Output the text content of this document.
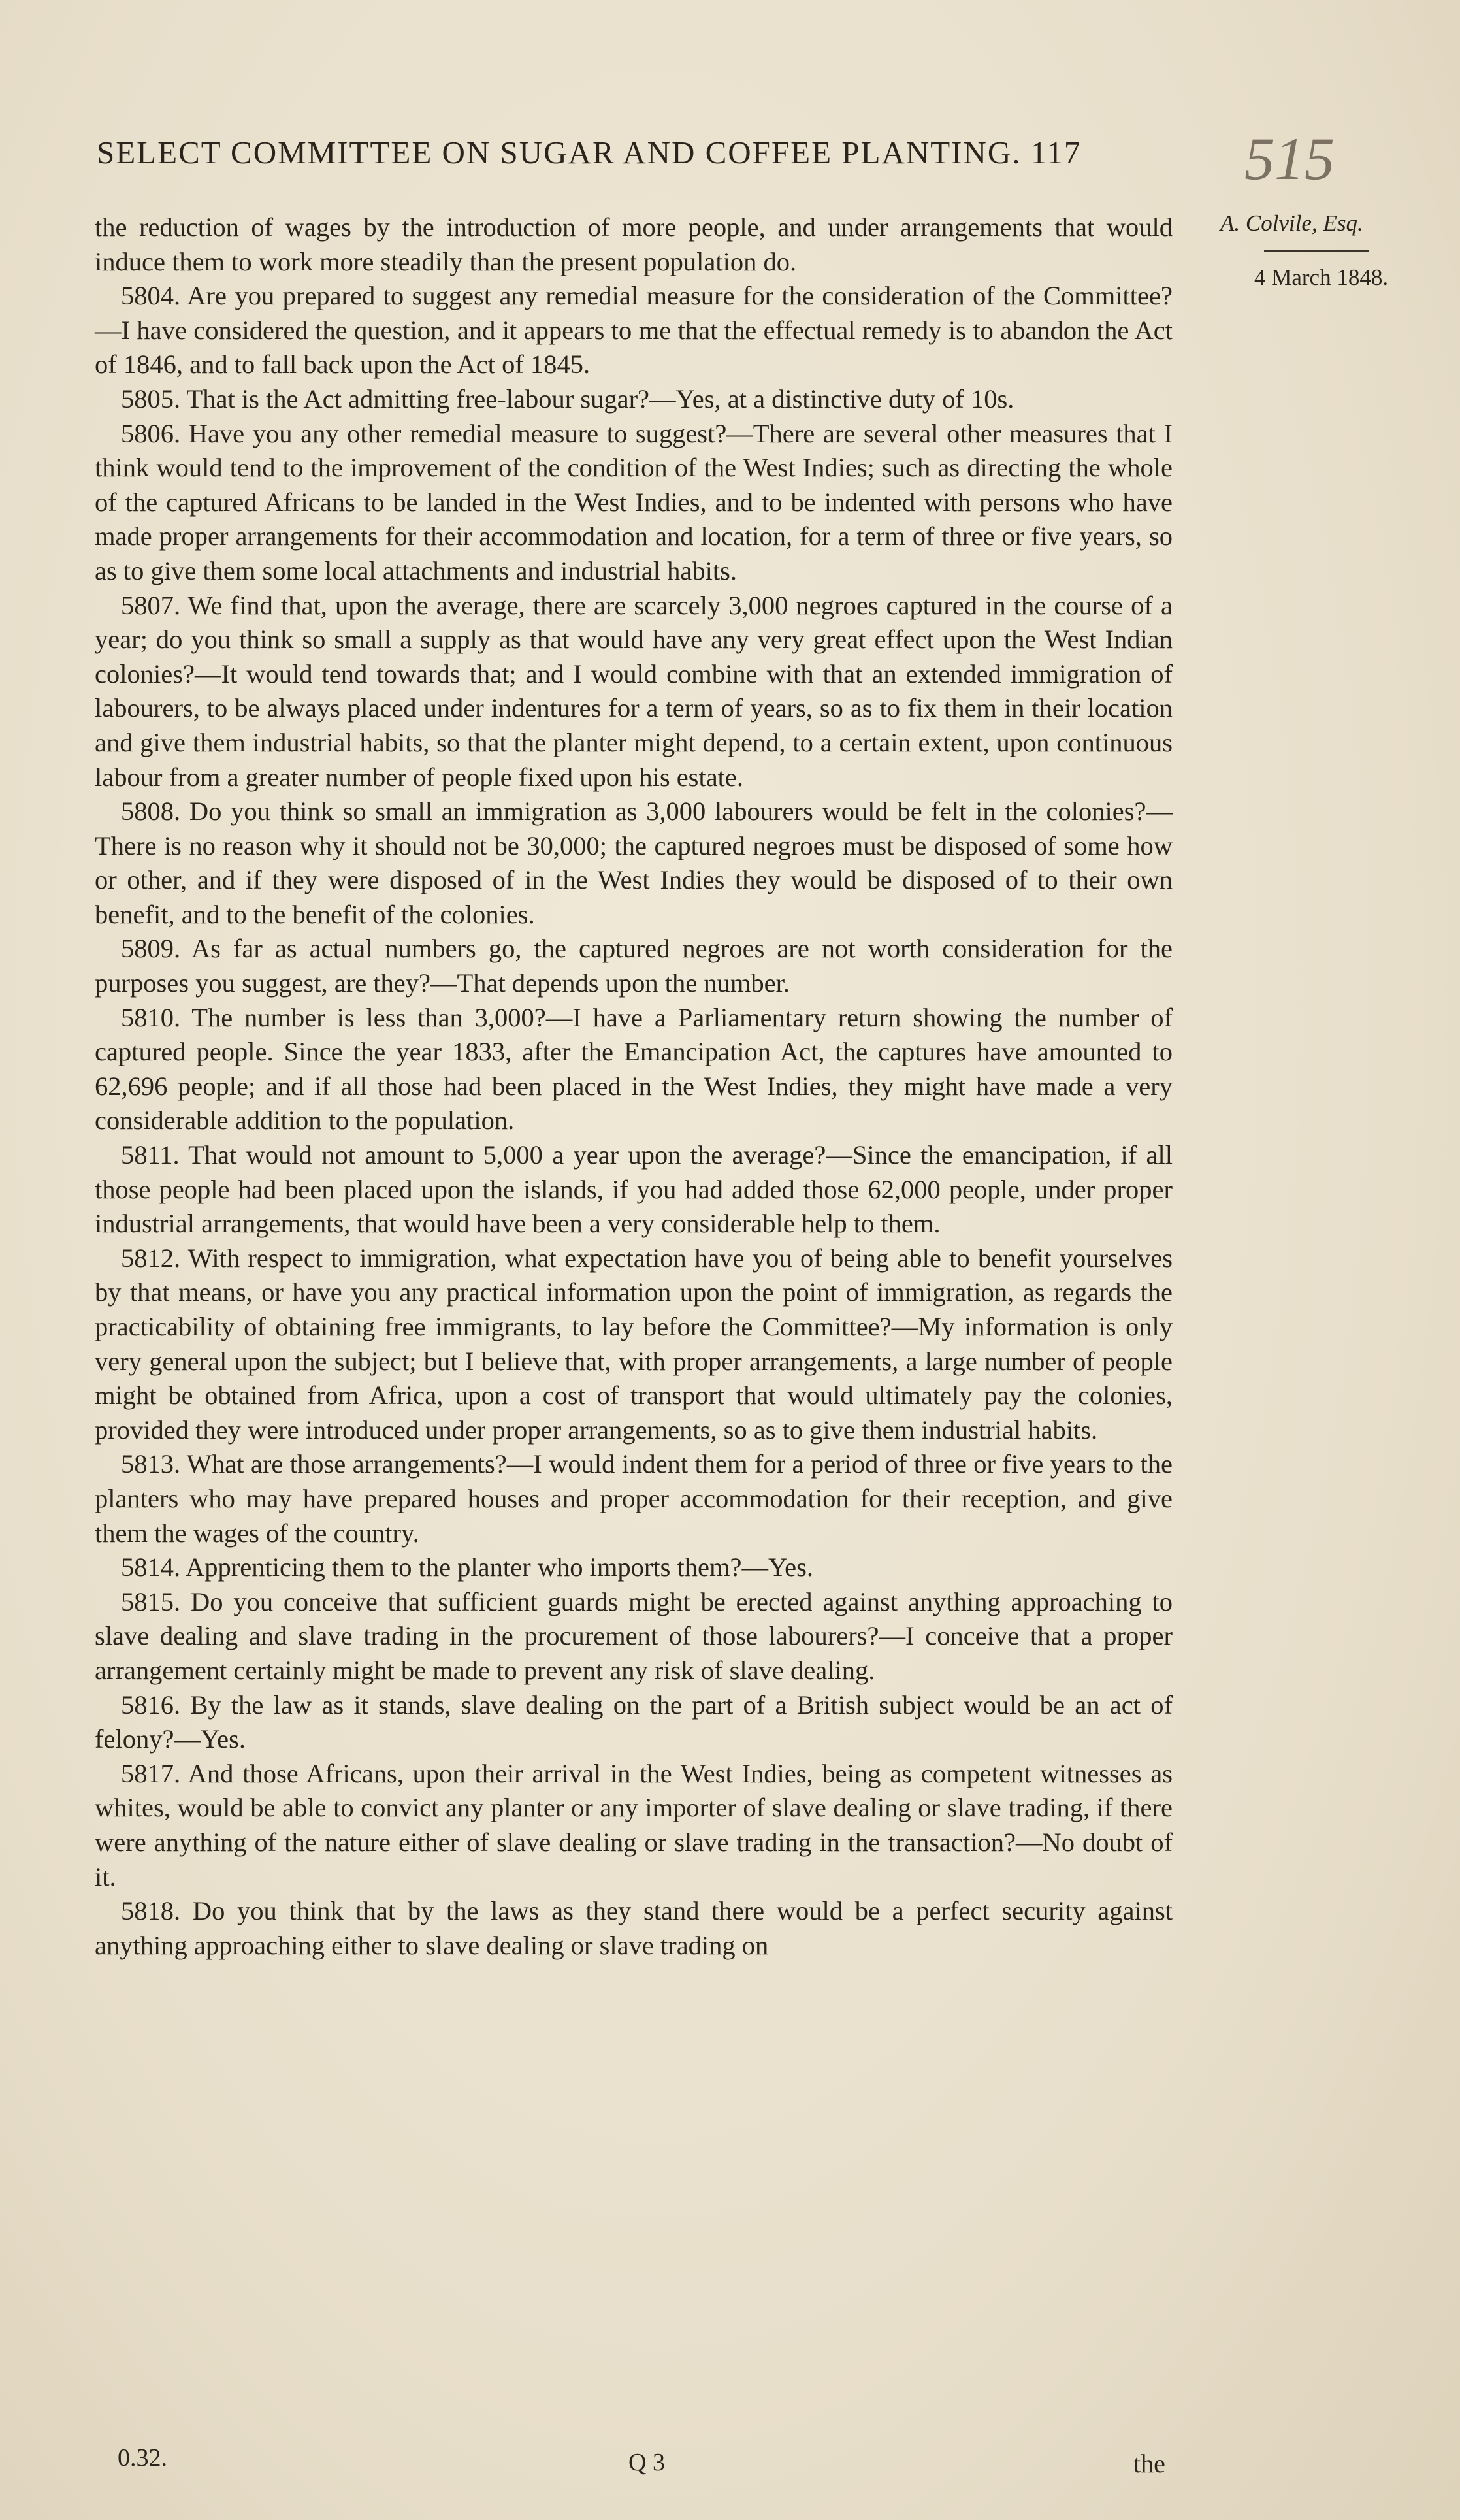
SELECT COMMITTEE ON SUGAR AND COFFEE PLANTING. 117	515
A. Colvile, Esq.
4 March 1848.

the reduction of wages by the introduction of more people, and under arrangements that would induce them to work more steadily than the present population do.

5804. Are you prepared to suggest any remedial measure for the consideration of the Committee?—I have considered the question, and it appears to me that the effectual remedy is to abandon the Act of 1846, and to fall back upon the Act of 1845.

5805. That is the Act admitting free-labour sugar?—Yes, at a distinctive duty of 10s.

5806. Have you any other remedial measure to suggest?—There are several other measures that I think would tend to the improvement of the condition of the West Indies; such as directing the whole of the captured Africans to be landed in the West Indies, and to be indented with persons who have made proper arrangements for their accommodation and location, for a term of three or five years, so as to give them some local attachments and industrial habits.

5807. We find that, upon the average, there are scarcely 3,000 negroes captured in the course of a year; do you think so small a supply as that would have any very great effect upon the West Indian colonies?—It would tend towards that; and I would combine with that an extended immigration of labourers, to be always placed under indentures for a term of years, so as to fix them in their location and give them industrial habits, so that the planter might depend, to a certain extent, upon continuous labour from a greater number of people fixed upon his estate.

5808. Do you think so small an immigration as 3,000 labourers would be felt in the colonies?—There is no reason why it should not be 30,000; the captured negroes must be disposed of some how or other, and if they were disposed of in the West Indies they would be disposed of to their own benefit, and to the benefit of the colonies.

5809. As far as actual numbers go, the captured negroes are not worth consideration for the purposes you suggest, are they?—That depends upon the number.

5810. The number is less than 3,000?—I have a Parliamentary return showing the number of captured people. Since the year 1833, after the Emancipation Act, the captures have amounted to 62,696 people; and if all those had been placed in the West Indies, they might have made a very considerable addition to the population.

5811. That would not amount to 5,000 a year upon the average?—Since the emancipation, if all those people had been placed upon the islands, if you had added those 62,000 people, under proper industrial arrangements, that would have been a very considerable help to them.

5812. With respect to immigration, what expectation have you of being able to benefit yourselves by that means, or have you any practical information upon the point of immigration, as regards the practicability of obtaining free immigrants, to lay before the Committee?—My information is only very general upon the subject; but I believe that, with proper arrangements, a large number of people might be obtained from Africa, upon a cost of transport that would ultimately pay the colonies, provided they were introduced under proper arrangements, so as to give them industrial habits.

5813. What are those arrangements?—I would indent them for a period of three or five years to the planters who may have prepared houses and proper accommodation for their reception, and give them the wages of the country.

5814. Apprenticing them to the planter who imports them?—Yes.

5815. Do you conceive that sufficient guards might be erected against anything approaching to slave dealing and slave trading in the procurement of those labourers?—I conceive that a proper arrangement certainly might be made to prevent any risk of slave dealing.

5816. By the law as it stands, slave dealing on the part of a British subject would be an act of felony?—Yes.

5817. And those Africans, upon their arrival in the West Indies, being as competent witnesses as whites, would be able to convict any planter or any importer of slave dealing or slave trading, if there were anything of the nature either of slave dealing or slave trading in the transaction?—No doubt of it.

5818. Do you think that by the laws as they stand there would be a perfect security against anything approaching either to slave dealing or slave trading on

0.32.	Q 3	the
